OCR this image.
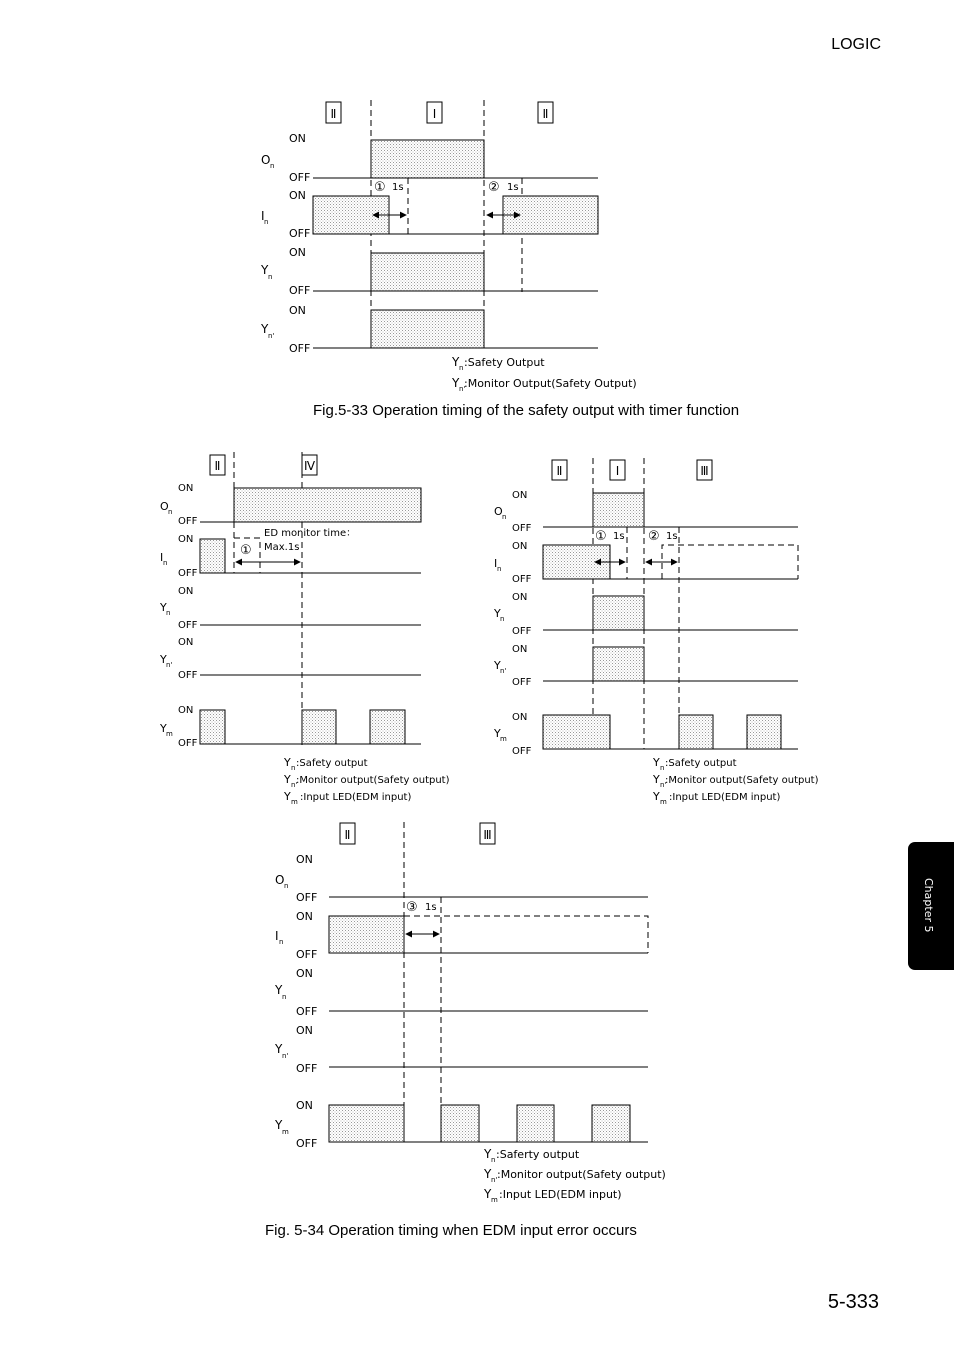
LOGIC
Ⅱ	Ⅰ	Ⅱ
ON
OFF
O n
ON
OFF
I n
① 1s	② 1s
ON
OFF
Y n
ON
OFF
Y n'
Y n :Safety Output
Y n'
:Monitor Output(Safety Output)
Ⅱ	Ⅳ
ON
OFF
O n
ON
OFF
I n
①
ED monitor time：
Max.1s
ON
OFF
Y n
ON
OFF
Y n'
ON
OFF
Y m
Y n :Safety output
Y n'
:Monitor output(Safety output)
Y m :Input LED(EDM input)
Ⅱ	Ⅰ	Ⅲ
ON
OFF
O n
ON
OFF
I n
① 1s ② 1s
ON
OFF
Y n
ON
OFF
Y n'
ON
OFF
Y m
Y n :Safety output
Y n'
:Monitor output(Safety output)
Y m :Input LED(EDM input)
Ⅱ	Ⅲ
ON
OFF
O n
ON
OFF
I n
③ 1s
ON
OFF
Y n
ON
OFF
Y n'
ON
OFF
Y m
Y n :Saferty output
Y n' :Monitor output(Safety output)
Y m :Input LED(EDM input)
Fig.5-33 Operation timing of the safety output with timer function
Fig. 5-34 Operation timing when EDM input error occurs
Chapter 5
5-333
